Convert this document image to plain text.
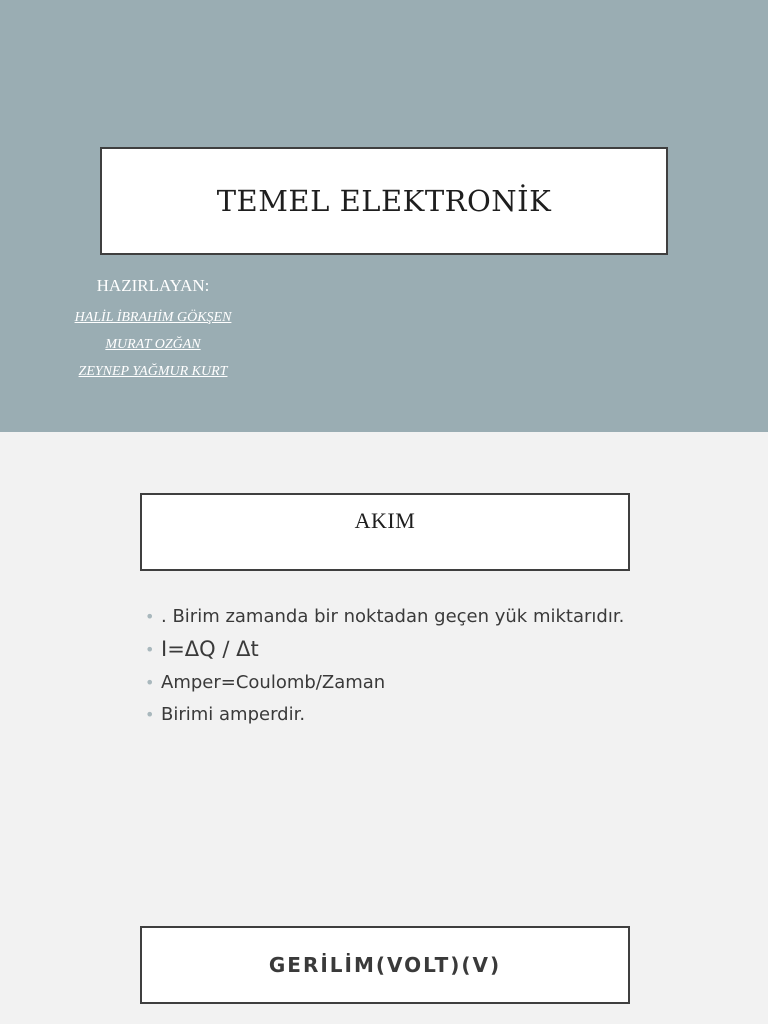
TEMEL ELEKTRONİK
HAZIRLAYAN:
HALİL İBRAHİM GÖKŞEN
MURAT OZĞAN
ZEYNEP YAĞMUR KURT
AKIM
• . Birim zamanda bir noktadan geçen yük miktarıdır.
• I=ΔQ ∕ Δt
• Amper=Coulomb/Zaman
• Birimi amperdir.
GERİLİM(VOLT)(V)
